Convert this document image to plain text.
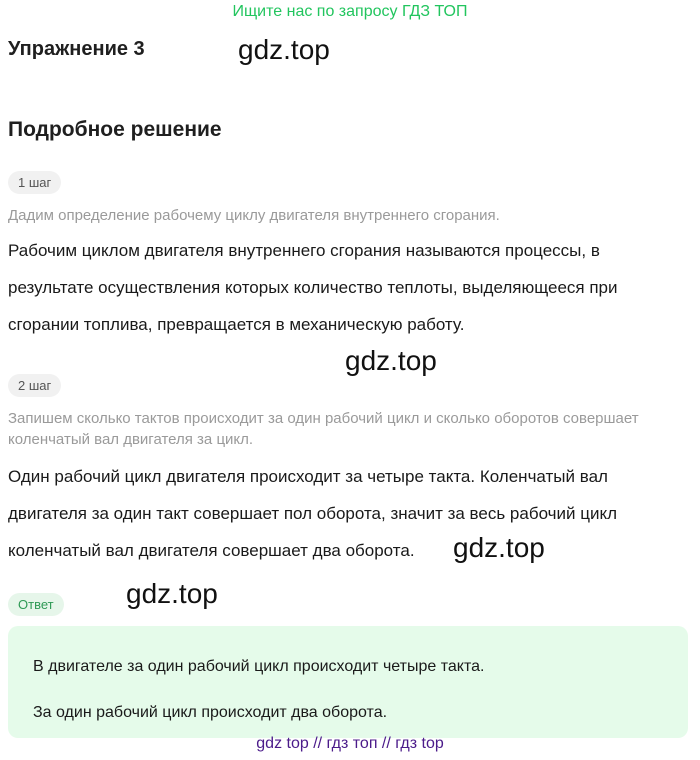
Ищите нас по запросу ГДЗ ТОП
Упражнение 3	gdz.top
Подробное решение
1 шаг
Дадим определение рабочему циклу двигателя внутреннего сгорания.
Рабочим циклом двигателя внутреннего сгорания называются процессы, в результате осуществления которых количество теплоты, выделяющееся при сгорании топлива, превращается в механическую работу.
gdz.top
2 шаг
Запишем сколько тактов происходит за один рабочий цикл и сколько оборотов совершает коленчатый вал двигателя за цикл.
Один рабочий цикл двигателя происходит за четыре такта. Коленчатый вал двигателя за один такт совершает пол оборота, значит за весь рабочий цикл коленчатый вал двигателя совершает два оборота.	gdz.top
Ответ	gdz.top
В двигателе за один рабочий цикл происходит четыре такта.
За один рабочий цикл происходит два оборота.
gdz top // гдз топ // гдз top
